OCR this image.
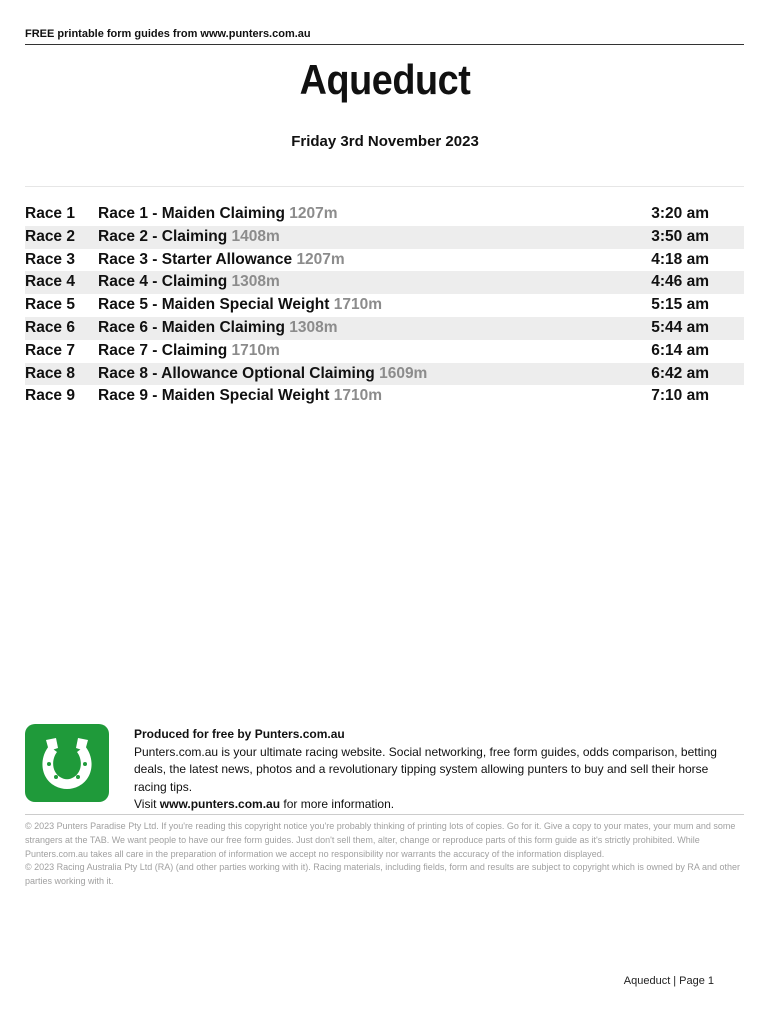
FREE printable form guides from www.punters.com.au
Aqueduct
Friday 3rd November 2023
Race 1 Race 1 - Maiden Claiming 1207m	3:20 am
Race 2 Race 2 - Claiming 1408m	3:50 am
Race 3 Race 3 - Starter Allowance 1207m	4:18 am
Race 4 Race 4 - Claiming 1308m	4:46 am
Race 5 Race 5 - Maiden Special Weight 1710m	5:15 am
Race 6 Race 6 - Maiden Claiming 1308m	5:44 am
Race 7 Race 7 - Claiming 1710m	6:14 am
Race 8 Race 8 - Allowance Optional Claiming 1609m	6:42 am
Race 9 Race 9 - Maiden Special Weight 1710m	7:10 am
Produced for free by Punters.com.au
Punters.com.au is your ultimate racing website. Social networking, free form guides, odds comparison, betting deals, the latest news, photos and a revolutionary tipping system allowing punters to buy and sell their horse racing tips.
Visit www.punters.com.au for more information.

© 2023 Punters Paradise Pty Ltd. If you're reading this copyright notice you're probably thinking of printing lots of copies. Go for it. Give a copy to your mates, your mum and some strangers at the TAB. We want people to have our free form guides. Just don't sell them, alter, change or reproduce parts of this form guide as it's strictly prohibited. While Punters.com.au takes all care in the preparation of information we accept no responsibility nor warrants the accuracy of the information displayed.

© 2023 Racing Australia Pty Ltd (RA) (and other parties working with it). Racing materials, including fields, form and results are subject to copyright which is owned by RA and other parties working with it.

Aqueduct | Page 1
